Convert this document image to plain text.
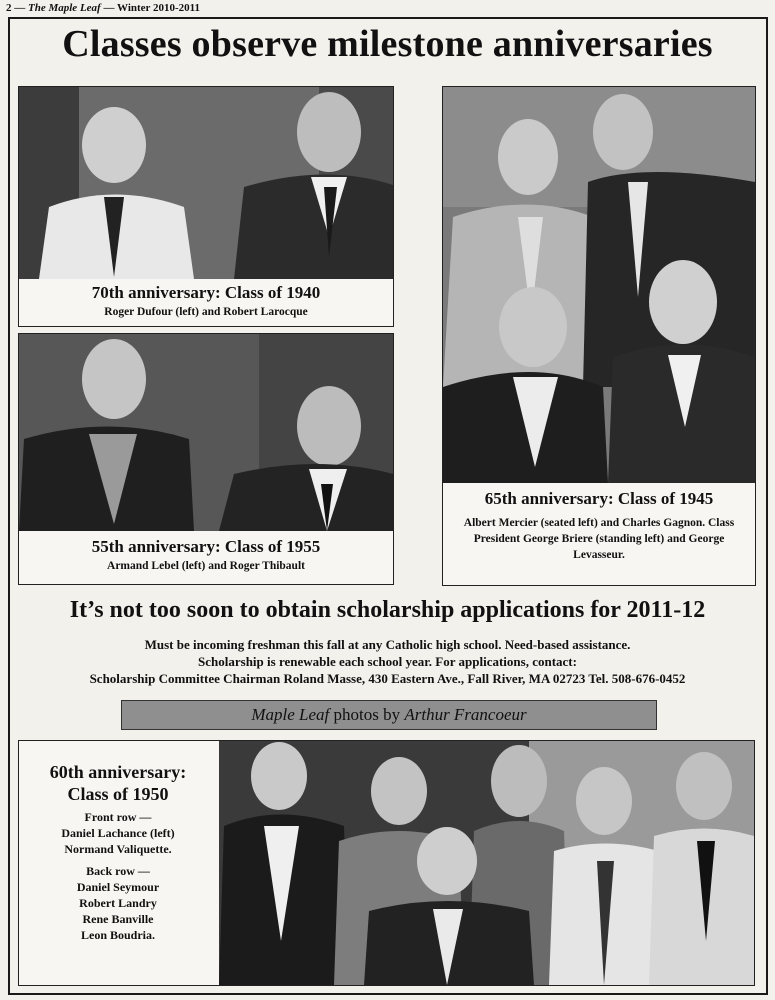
2 — The Maple Leaf — Winter 2010-2011
Classes observe milestone anniversaries
70th anniversary: Class of 1940
Roger Dufour (left) and Robert Larocque
55th anniversary: Class of 1955
Armand Lebel (left) and Roger Thibault
65th anniversary: Class of 1945
Albert Mercier (seated left) and Charles Gagnon. Class President George Briere (standing left) and George Levasseur.
It’s not too soon to obtain scholarship applications for 2011-12
Must be incoming freshman this fall at any Catholic high school. Need-based assistance.
Scholarship is renewable each school year. For applications, contact:
Scholarship Committee Chairman Roland Masse, 430 Eastern Ave., Fall River, MA 02723 Tel. 508-676-0452
Maple Leaf photos by Arthur Francoeur
60th anniversary:
Class of 1950
Front row —
Daniel Lachance (left)
Normand Valiquette.
Back row —
Daniel Seymour
Robert Landry
Rene Banville
Leon Boudria.
